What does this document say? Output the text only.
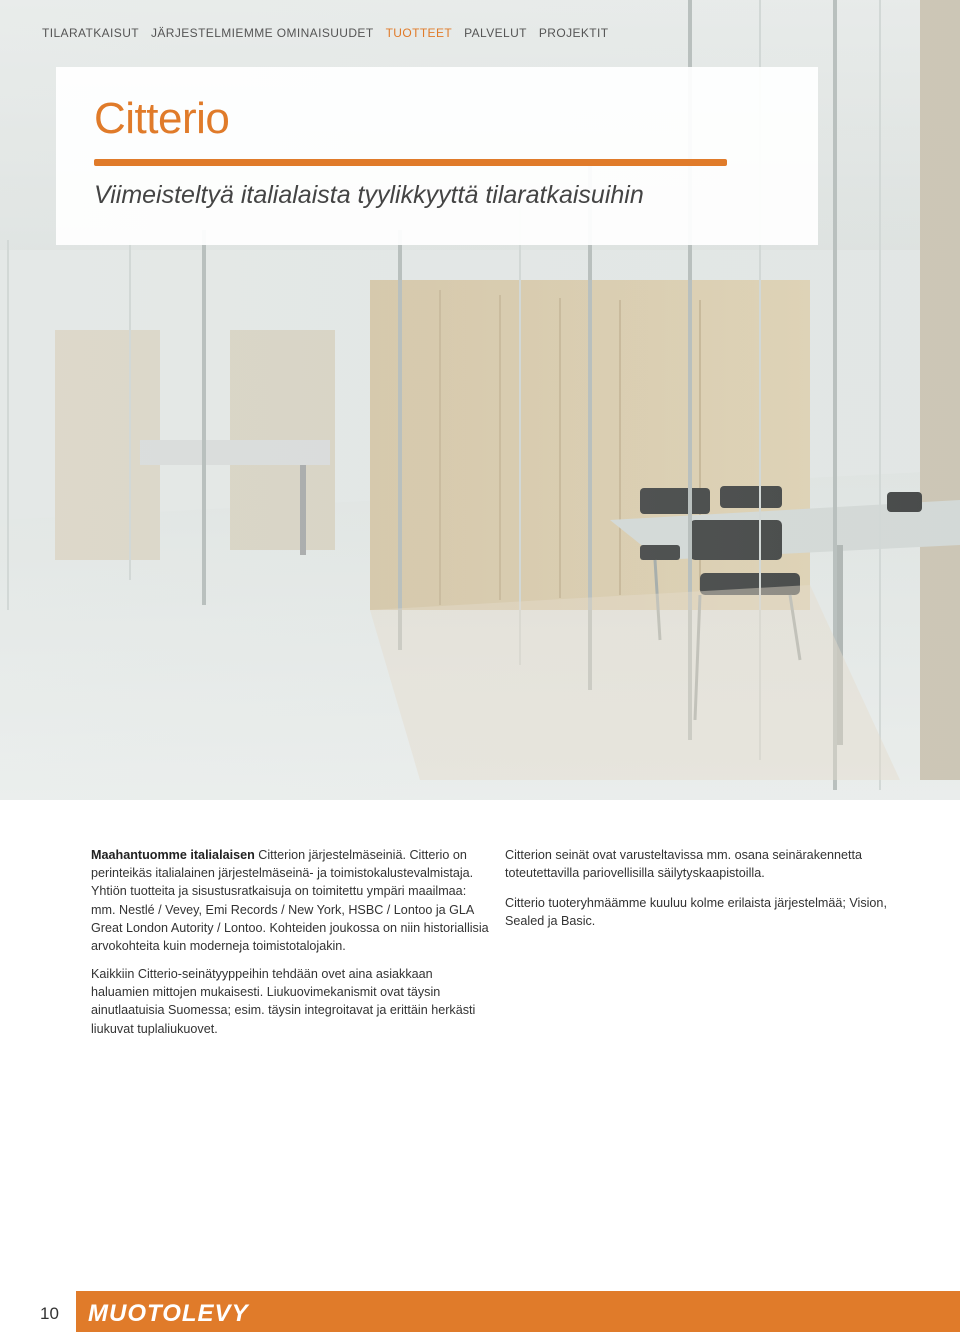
TILARATKAISUT JÄRJESTELMIEMME OMINAISUUDET TUOTTEET PALVELUT PROJEKTIT
Citterio
Viimeisteltyä italialaista tyylikkyyttä tilaratkaisuihin

Maahantuomme italialaisen Citterion järjestelmäseiniä. Citterio on perinteikäs italialainen järjestelmäseinä- ja toimistokalustevalmistaja. Yhtiön tuotteita ja sisustusratkaisuja on toimitettu ympäri maailmaa: mm. Nestlé / Vevey, Emi Records / New York, HSBC / Lontoo ja GLA Great London Autority / Lontoo. Kohteiden joukossa on niin historiallisia arvokohteita kuin moderneja toimistotalojakin.

Kaikkiin Citterio-seinätyyppeihin tehdään ovet aina asiakkaan haluamien mittojen mukaisesti. Liukuovimekanismit ovat täysin ainutlaatuisia Suomessa; esim. täysin integroitavat ja erittäin herkästi liukuvat tuplaliukuovet.

Citterion seinät ovat varusteltavissa mm. osana seinärakennetta toteutettavilla pariovellisilla säilytyskaapistoilla.

Citterio tuoteryhmäämme kuuluu kolme erilaista järjestelmää; Vision, Sealed ja Basic.

10 MUOTOLEVY
